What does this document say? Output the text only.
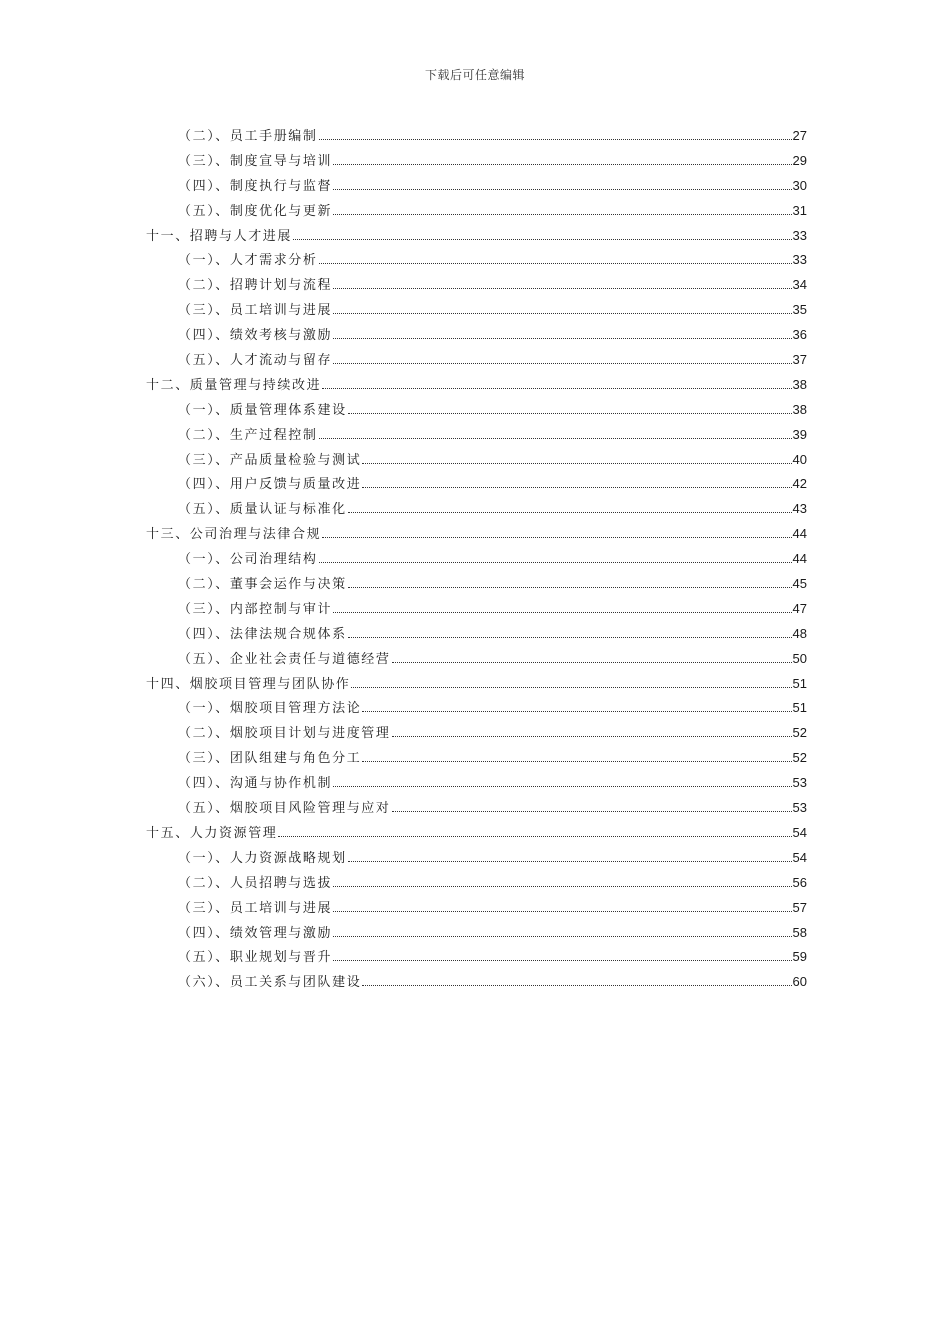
下载后可任意编辑
（二）、员工手册编制	27
（三）、制度宣导与培训	29
（四）、制度执行与监督	30
（五）、制度优化与更新	31
十一、招聘与人才进展	33
（一）、人才需求分析	33
（二）、招聘计划与流程	34
（三）、员工培训与进展	35
（四）、绩效考核与激励	36
（五）、人才流动与留存	37
十二、质量管理与持续改进	38
（一）、质量管理体系建设	38
（二）、生产过程控制	39
（三）、产品质量检验与测试	40
（四）、用户反馈与质量改进	42
（五）、质量认证与标准化	43
十三、公司治理与法律合规	44
（一）、公司治理结构	44
（二）、董事会运作与决策	45
（三）、内部控制与审计	47
（四）、法律法规合规体系	48
（五）、企业社会责任与道德经营	50
十四、烟胶项目管理与团队协作	51
（一）、烟胶项目管理方法论	51
（二）、烟胶项目计划与进度管理	52
（三）、团队组建与角色分工	52
（四）、沟通与协作机制	53
（五）、烟胶项目风险管理与应对	53
十五、人力资源管理	54
（一）、人力资源战略规划	54
（二）、人员招聘与选拔	56
（三）、员工培训与进展	57
（四）、绩效管理与激励	58
（五）、职业规划与晋升	59
（六）、员工关系与团队建设	60
